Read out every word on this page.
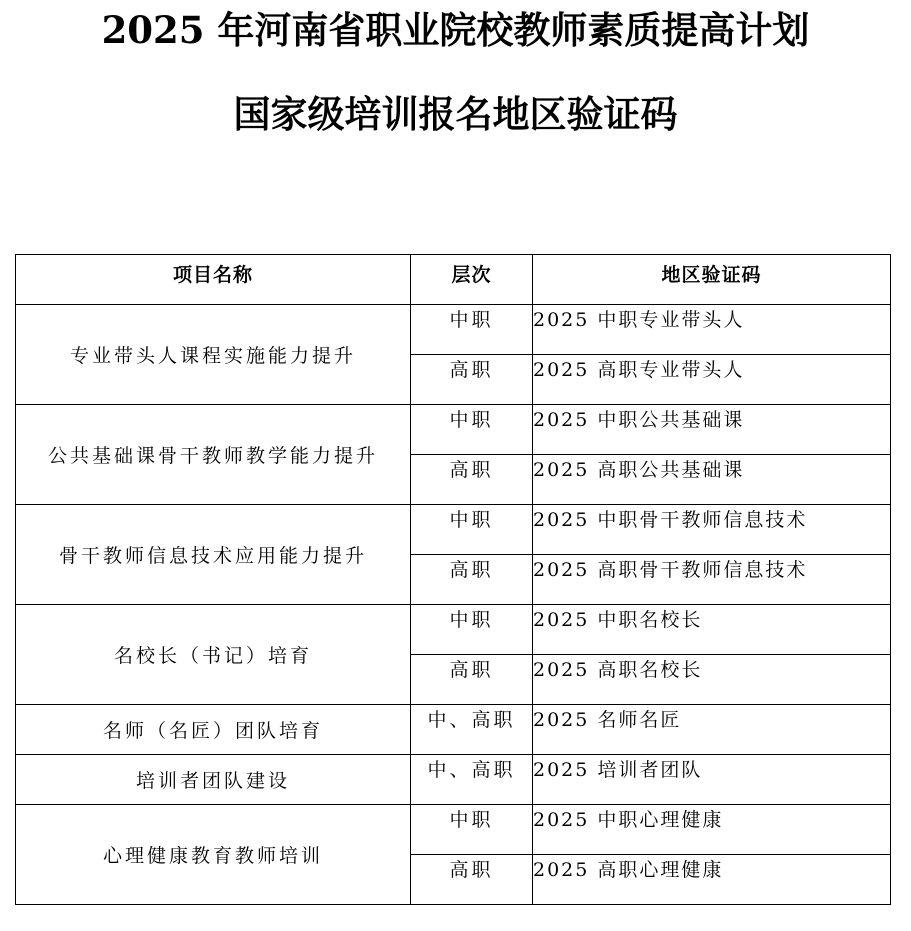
2025 年河南省职业院校教师素质提高计划
国家级培训报名地区验证码
项目名称	层次	地区验证码
专业带头人课程实施能力提升	中职	2025 中职专业带头人
	高职	2025 高职专业带头人
公共基础课骨干教师教学能力提升	中职	2025 中职公共基础课
	高职	2025 高职公共基础课
骨干教师信息技术应用能力提升	中职	2025 中职骨干教师信息技术
	高职	2025 高职骨干教师信息技术
名校长（书记）培育	中职	2025 中职名校长
	高职	2025 高职名校长
名师（名匠）团队培育	中、高职	2025 名师名匠
培训者团队建设	中、高职	2025 培训者团队
心理健康教育教师培训	中职	2025 中职心理健康
	高职	2025 高职心理健康
